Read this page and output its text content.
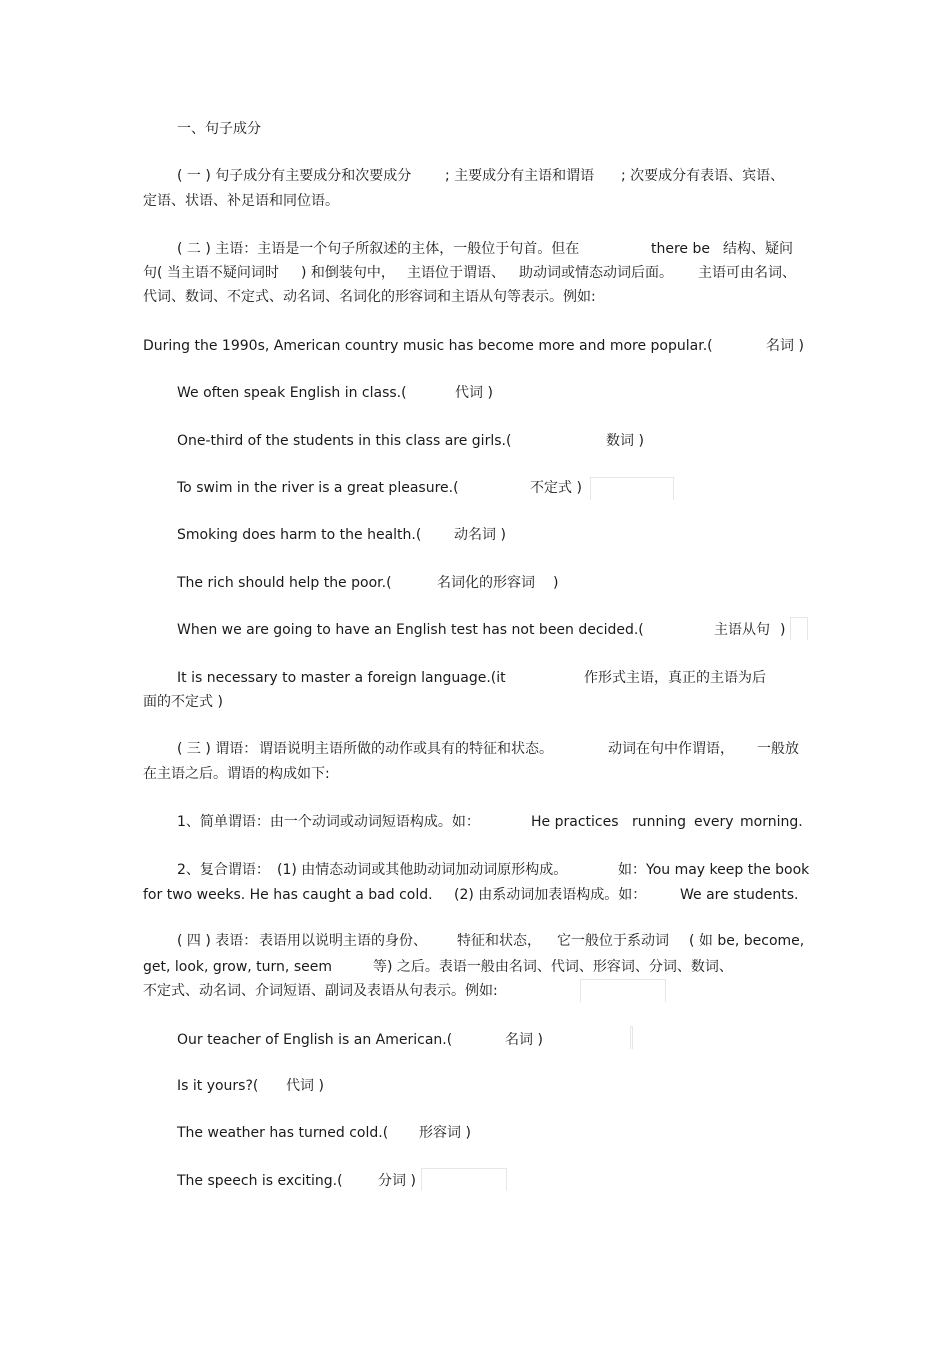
一、句子成分
( 一 ) 句子成分有主要成分和次要成分 ; 主要成分有主语和谓语 ; 次要成分有表语、宾语、
定语、状语、补足语和同位语。
( 二 ) 主语：主语是一个句子所叙述的主体，一般位于句首。但在	there be 结构、疑问
句( 当主语不疑问词时 ) 和倒装句中， 主语位于谓语、 助动词或情态动词后面。 主语可由名词、
代词、数词、不定式、动名词、名词化的形容词和主语从句等表示。例如:
During the 1990s, American country music has become more and more popular.(	名词 )
We often speak English in class.(	代词 )
One-third of the students in this class are girls.(	数词 )
To swim in the river is a great pleasure.(	不定式 )
Smoking does harm to the health.( 动名词 )
The rich should help the poor.(	名词化的形容词 )
When we are going to have an English test has not been decided.(	主语从句 )
It is necessary to master a foreign language.(it	作形式主语，真正的主语为后
面的不定式 )
( 三 ) 谓语： 谓语说明主语所做的动作或具有的特征和状态。	动词在句中作谓语， 一般放
在主语之后。谓语的构成如下:
1、简单谓语：由一个动词或动词短语构成。如：	He practices running every morning.
2、复合谓语： (1) 由情态动词或其他助动词加动词原形构成。	如：You may keep the book
for two weeks. He has caught a bad cold. (2) 由系动词加表语构成。如： We are students.
( 四 ) 表语： 表语用以说明主语的身份、 特征和状态， 它一般位于系动词 ( 如 be, become,
get, look, grow, turn, seem	等) 之后。表语一般由名词、代词、形容词、分词、数词、
不定式、动名词、介词短语、副词及表语从句表示。例如:
Our teacher of English is an American.(	名词 )
Is it yours?( 代词 )
The weather has turned cold.( 形容词 )
The speech is exciting.(	分词 )
